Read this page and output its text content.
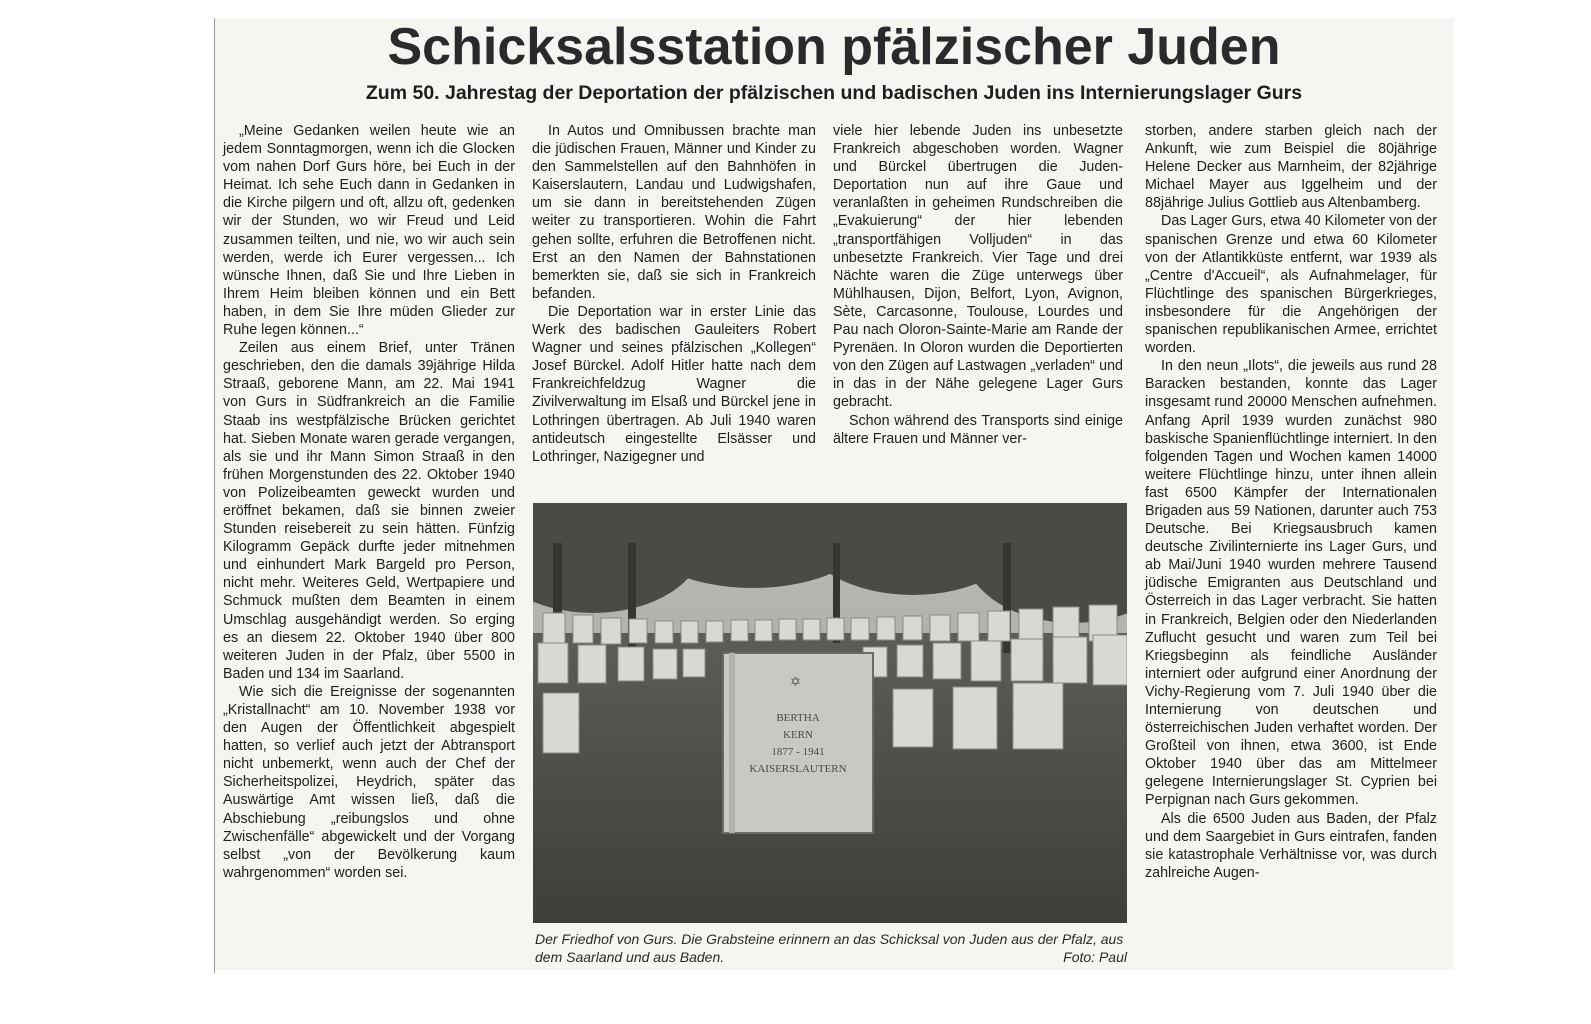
Schicksalsstation pfälzischer Juden
Zum 50. Jahrestag der Deportation der pfälzischen und badischen Juden ins Internierungslager Gurs

„Meine Gedanken weilen heute wie an jedem Sonntagmorgen, wenn ich die Glocken vom nahen Dorf Gurs höre, bei Euch in der Heimat. Ich sehe Euch dann in Gedanken in die Kirche pilgern und oft, allzu oft, gedenken wir der Stunden, wo wir Freud und Leid zusammen teilten, und nie, wo wir auch sein werden, werde ich Eurer vergessen... Ich wünsche Ihnen, daß Sie und Ihre Lieben in Ihrem Heim bleiben können und ein Bett haben, in dem Sie Ihre müden Glieder zur Ruhe legen können...“

Zeilen aus einem Brief, unter Tränen geschrieben, den die damals 39jährige Hilda Straaß, geborene Mann, am 22. Mai 1941 von Gurs in Südfrankreich an die Familie Staab ins westpfälzische Brücken gerichtet hat. Sieben Monate waren gerade vergangen, als sie und ihr Mann Simon Straaß in den frühen Morgenstunden des 22. Oktober 1940 von Polizeibeamten geweckt wurden und eröffnet bekamen, daß sie binnen zweier Stunden reisebereit zu sein hätten. Fünfzig Kilogramm Gepäck durfte jeder mitnehmen und einhundert Mark Bargeld pro Person, nicht mehr. Weiteres Geld, Wertpapiere und Schmuck mußten dem Beamten in einem Umschlag ausgehändigt werden. So erging es an diesem 22. Oktober 1940 über 800 weiteren Juden in der Pfalz, über 5500 in Baden und 134 im Saarland.

Wie sich die Ereignisse der sogenannten „Kristallnacht“ am 10. November 1938 vor den Augen der Öffentlichkeit abgespielt hatten, so verlief auch jetzt der Abtransport nicht unbemerkt, wenn auch der Chef der Sicherheitspolizei, Heydrich, später das Auswärtige Amt wissen ließ, daß die Abschiebung „reibungslos und ohne Zwischenfälle“ abgewickelt und der Vorgang selbst „von der Bevölkerung kaum wahrgenommen“ worden sei.

In Autos und Omnibussen brachte man die jüdischen Frauen, Männer und Kinder zu den Sammelstellen auf den Bahnhöfen in Kaiserslautern, Landau und Ludwigshafen, um sie dann in bereitstehenden Zügen weiter zu transportieren. Wohin die Fahrt gehen sollte, erfuhren die Betroffenen nicht. Erst an den Namen der Bahnstationen bemerkten sie, daß sie sich in Frankreich befanden.

Die Deportation war in erster Linie das Werk des badischen Gauleiters Robert Wagner und seines pfälzischen „Kollegen“ Josef Bürckel. Adolf Hitler hatte nach dem Frankreichfeldzug Wagner die Zivilverwaltung im Elsaß und Bürckel jene in Lothringen übertragen. Ab Juli 1940 waren antideutsch eingestellte Elsässer und Lothringer, Nazigegner und

viele hier lebende Juden ins unbesetzte Frankreich abgeschoben worden. Wagner und Bürckel übertrugen die Juden-Deportation nun auf ihre Gaue und veranlaßten in geheimen Rundschreiben die „Evakuierung“ der hier lebenden „transportfähigen Volljuden“ in das unbesetzte Frankreich. Vier Tage und drei Nächte waren die Züge unterwegs über Mühlhausen, Dijon, Belfort, Lyon, Avignon, Sète, Carcasonne, Toulouse, Lourdes und Pau nach Oloron-Sainte-Marie am Rande der Pyrenäen. In Oloron wurden die Deportierten von den Zügen auf Lastwagen „verladen“ und in das in der Nähe gelegene Lager Gurs gebracht.

Schon während des Transports sind einige ältere Frauen und Männer ver-

storben, andere starben gleich nach der Ankunft, wie zum Beispiel die 80jährige Helene Decker aus Marnheim, der 82jährige Michael Mayer aus Iggelheim und der 88jährige Julius Gottlieb aus Altenbamberg.

Das Lager Gurs, etwa 40 Kilometer von der spanischen Grenze und etwa 60 Kilometer von der Atlantikküste entfernt, war 1939 als „Centre d'Accueil“, als Aufnahmelager, für Flüchtlinge des spanischen Bürgerkrieges, insbesondere für die Angehörigen der spanischen republikanischen Armee, errichtet worden.

In den neun „Ilots“, die jeweils aus rund 28 Baracken bestanden, konnte das Lager insgesamt rund 20000 Menschen aufnehmen. Anfang April 1939 wurden zunächst 980 baskische Spanienflüchtlinge interniert. In den folgenden Tagen und Wochen kamen 14000 weitere Flüchtlinge hinzu, unter ihnen allein fast 6500 Kämpfer der Internationalen Brigaden aus 59 Nationen, darunter auch 753 Deutsche. Bei Kriegsausbruch kamen deutsche Zivilinternierte ins Lager Gurs, und ab Mai/Juni 1940 wurden mehrere Tausend jüdische Emigranten aus Deutschland und Österreich in das Lager verbracht. Sie hatten in Frankreich, Belgien oder den Niederlanden Zuflucht gesucht und waren zum Teil bei Kriegsbeginn als feindliche Ausländer interniert oder aufgrund einer Anordnung der Vichy-Regierung vom 7. Juli 1940 über die Internierung von deutschen und österreichischen Juden verhaftet worden. Der Großteil von ihnen, etwa 3600, ist Ende Oktober 1940 über das am Mittelmeer gelegene Internierungslager St. Cyprien bei Perpignan nach Gurs gekommen.

Als die 6500 Juden aus Baden, der Pfalz und dem Saargebiet in Gurs eintrafen, fanden sie katastrophale Verhältnisse vor, was durch zahlreiche Augen-

✡
BERTHA
KERN
1877 - 1941
KAISERSLAUTERN
Der Friedhof von Gurs. Die Grabsteine erinnern an das Schicksal von Juden aus der Pfalz, aus dem Saarland und aus Baden.	Foto: Paul
